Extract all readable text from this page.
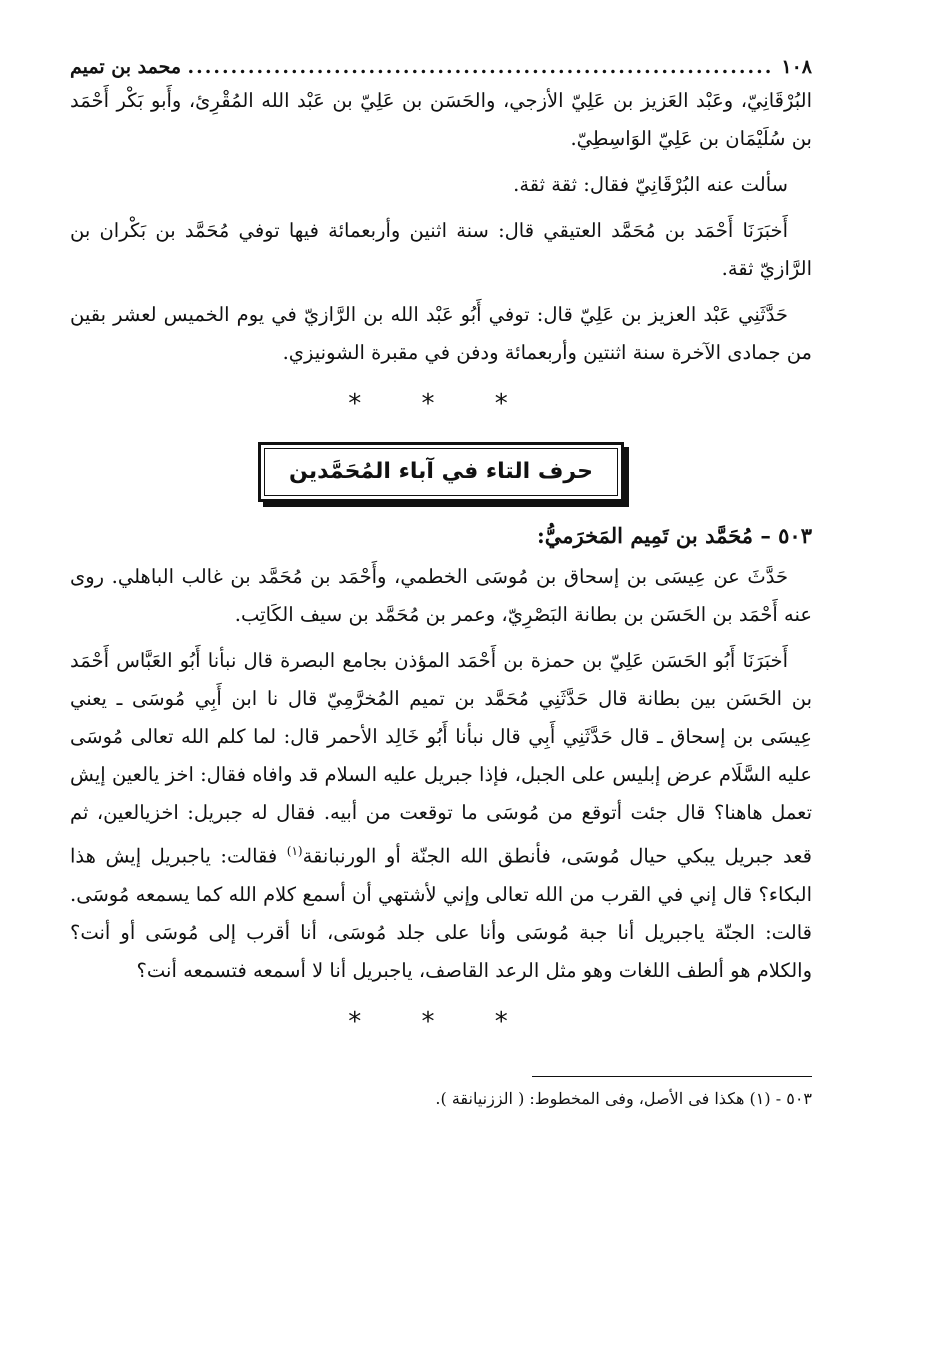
١٠٨
.....
محمد بن تميم

البُرْقَانِيّ، وعَبْد العَزيز بن عَلِيّ الأزجي، والحَسَن بن عَلِيّ بن عَبْد الله المُقْرِئ، وأَبو بَكْر أَحْمَد بن سُلَيْمَان بن عَلِيّ الوَاسِطِيّ.

سألت عنه البُرْقَانِيّ فقال: ثقة ثقة.

أَخبَرَنَا أَحْمَد بن مُحَمَّد العتيقي قال: سنة اثنين وأربعمائة فيها توفي مُحَمَّد بن بَكْران بن الرَّازيّ ثقة.

حَدَّثَنِي عَبْد العزيز بن عَلِيّ قال: توفي أَبُو عَبْد الله بن الرَّازيّ في يوم الخميس لعشر بقين من جمادى الآخرة سنة اثنتين وأربعمائة ودفن في مقبرة الشونيزي.

* * *
حرف التاء في آباء المُحَمَّدين
٥٠٣ – مُحَمَّد بن تَمِيم المَخرَميُّ:

حَدَّثَ عن عِيسَى بن إسحاق بن مُوسَى الخطمي، وأَحْمَد بن مُحَمَّد بن غالب الباهلي. روى عنه أَحْمَد بن الحَسَن بن بطانة البَصْرِيّ، وعمر بن مُحَمَّد بن سيف الكَاتِب.

أَخبَرَنَا أَبُو الحَسَن عَلِيّ بن حمزة بن أَحْمَد المؤذن بجامع البصرة قال نبأنا أَبُو العَبَّاس أَحْمَد بن الحَسَن بين بطانة قال حَدَّثَنِي مُحَمَّد بن تميم المُخرَّمِيّ قال نا ابن أَبِي مُوسَى ـ يعني عِيسَى بن إسحاق ـ قال حَدَّثَنِي أَبِي قال نبأنا أَبُو خَالِد الأحمر قال: لما كلم الله تعالى مُوسَى عليه السَّلَام عرض إبليس على الجبل، فإذا جبريل عليه السلام قد وافاه فقال: اخز يالعين إيش تعمل هاهنا؟ قال جئت أتوقع من مُوسَى ما توقعت من أبيه. فقال له جبريل: اخزيالعين، ثم قعد جبريل يبكي حيال مُوسَى، فأنطق الله الجنّة أو الورنبانقة$^{(١)}$ فقالت: ياجبريل إيش هذا البكاء؟ قال إني في القرب من الله تعالى وإني لأشتهي أن أسمع كلام الله كما يسمعه مُوسَى. قالت: الجنّة ياجبريل أنا جبة مُوسَى وأنا على جلد مُوسَى، أنا أقرب إلى مُوسَى أو أنت؟ والكلام هو ألطف اللغات وهو مثل الرعد القاصف، ياجبريل أنا لا أسمعه فتسمعه أنت؟

* * *
٥٠٣ - (١) هكذا فى الأصل، وفى المخطوط: ( الززنيانقة ).
